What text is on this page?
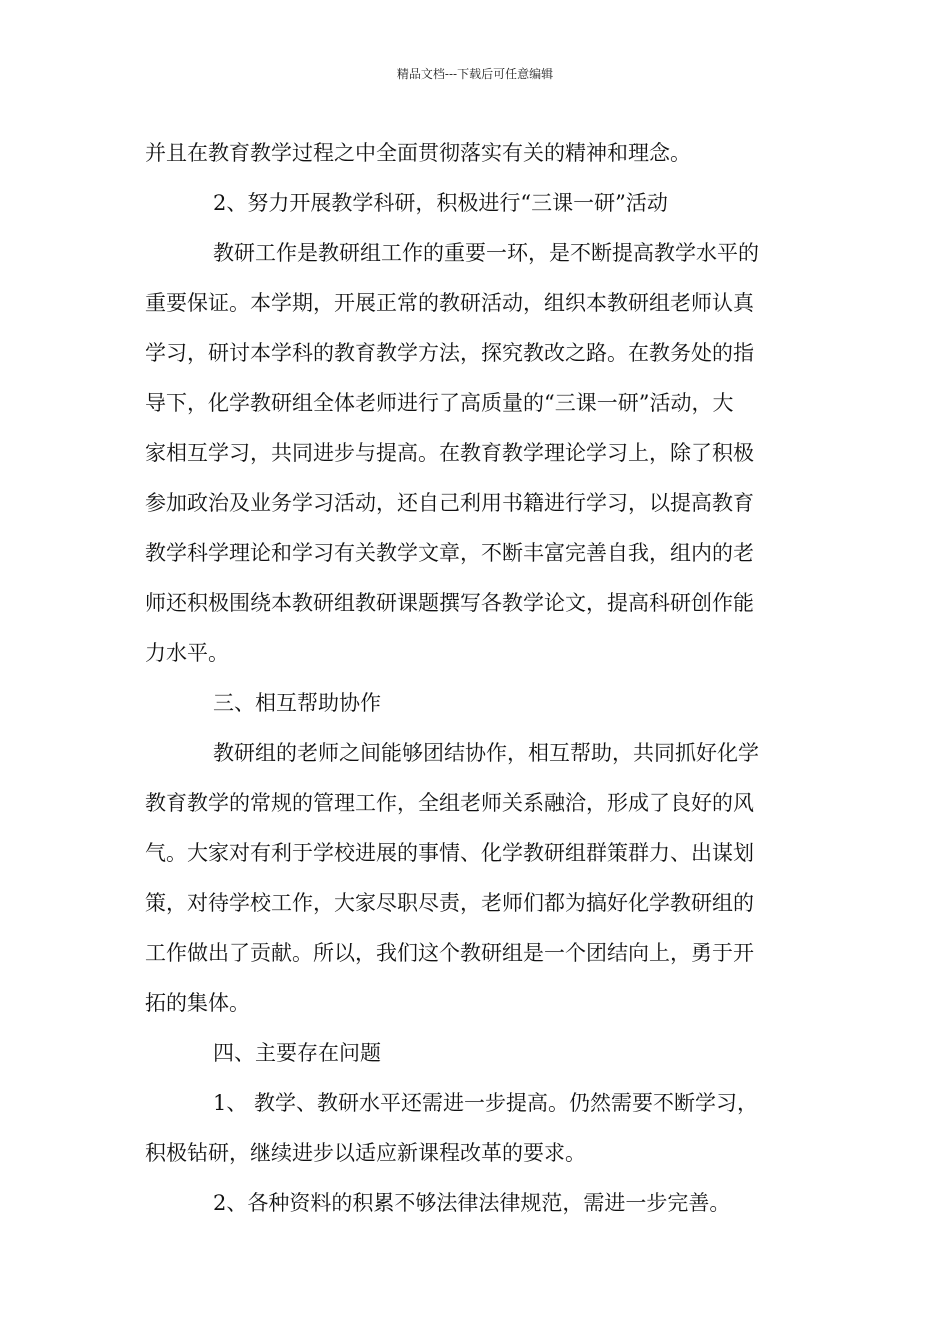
精品文档---下载后可任意编辑

并且在教育教学过程之中全面贯彻落实有关的精神和理念。

2、努力开展教学科研，积极进行“三课一研”活动

教研工作是教研组工作的重要一环，是不断提高教学水平的
重要保证。本学期，开展正常的教研活动，组织本教研组老师认真
学习，研讨本学科的教育教学方法，探究教改之路。在教务处的指
导下，化学教研组全体老师进行了高质量的“三课一研”活动，大
家相互学习，共同进步与提高。在教育教学理论学习上，除了积极
参加政治及业务学习活动，还自己利用书籍进行学习，以提高教育
教学科学理论和学习有关教学文章，不断丰富完善自我，组内的老
师还积极围绕本教研组教研课题撰写各教学论文，提高科研创作能
力水平。

三、相互帮助协作

教研组的老师之间能够团结协作，相互帮助，共同抓好化学
教育教学的常规的管理工作，全组老师关系融洽，形成了良好的风
气。大家对有利于学校进展的事情、化学教研组群策群力、出谋划
策，对待学校工作，大家尽职尽责，老师们都为搞好化学教研组的
工作做出了贡献。所以，我们这个教研组是一个团结向上，勇于开
拓的集体。

四、主要存在问题

1、 教学、教研水平还需进一步提高。仍然需要不断学习，
积极钻研，继续进步以适应新课程改革的要求。

2、各种资料的积累不够法律法律规范，需进一步完善。
